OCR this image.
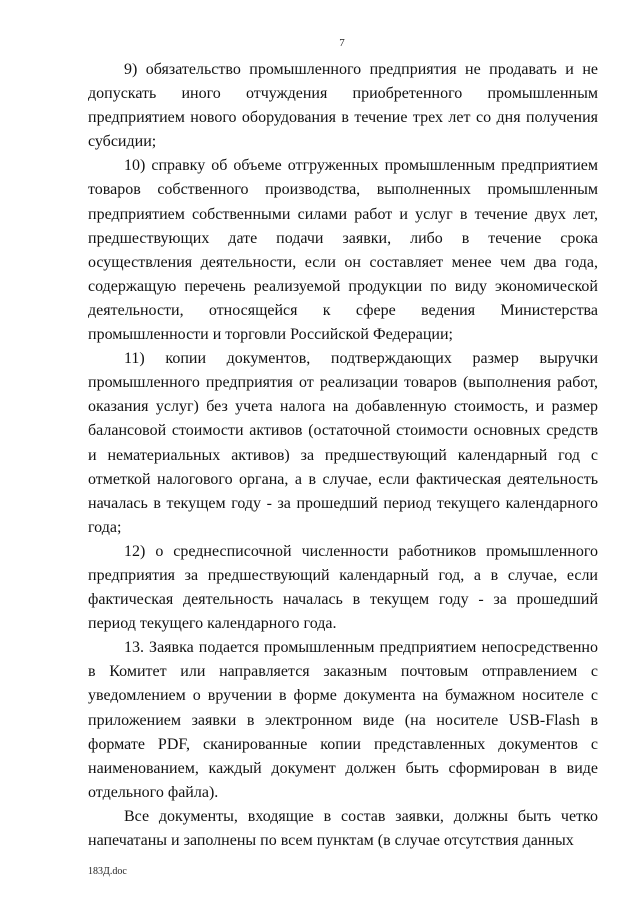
7

9) обязательство промышленного предприятия не продавать и не допускать иного отчуждения приобретенного промышленным предприятием нового оборудования в течение трех лет со дня получения субсидии;

10) справку об объеме отгруженных промышленным предприятием товаров собственного производства, выполненных промышленным предприятием собственными силами работ и услуг в течение двух лет, предшествующих дате подачи заявки, либо в течение срока осуществления деятельности, если он составляет менее чем два года, содержащую перечень реализуемой продукции по виду экономической деятельности, относящейся к сфере ведения Министерства промышленности и торговли Российской Федерации;

11) копии документов, подтверждающих размер выручки промышленного предприятия от реализации товаров (выполнения работ, оказания услуг) без учета налога на добавленную стоимость, и размер балансовой стоимости активов (остаточной стоимости основных средств и нематериальных активов) за предшествующий календарный год с отметкой налогового органа, а в случае, если фактическая деятельность началась в текущем году - за прошедший период текущего календарного года;

12) о среднесписочной численности работников промышленного предприятия за предшествующий календарный год, а в случае, если фактическая деятельность началась в текущем году - за прошедший период текущего календарного года.

13. Заявка подается промышленным предприятием непосредственно в Комитет или направляется заказным почтовым отправлением с уведомлением о вручении в форме документа на бумажном носителе с приложением заявки в электронном виде (на носителе USB-Flash в формате PDF, сканированные копии представленных документов с наименованием, каждый документ должен быть сформирован в виде отдельного файла).

Все документы, входящие в состав заявки, должны быть четко напечатаны и заполнены по всем пунктам (в случае отсутствия данных

183Д.doc
